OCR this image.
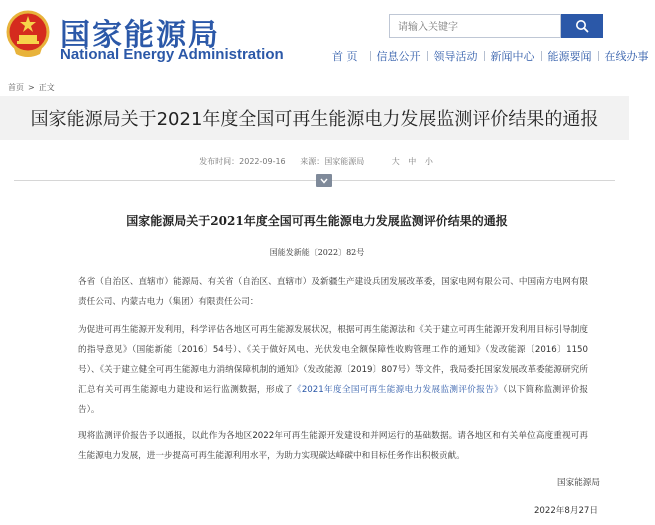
国家能源局
National Energy Administration
请输入关键字	首 页	信息公开	领导活动	新闻中心	能源要闻	在线办事
首页 > 正文
国家能源局关于2021年度全国可再生能源电力发展监测评价结果的通报
发布时间：2022-09-16 来源：国家能源局	大 中 小
国家能源局关于2021年度全国可再生能源电力发展监测评价结果的通报
国能发新能〔2022〕82号
各省（自治区、直辖市）能源局、有关省（自治区、直辖市）及新疆生产建设兵团发展改革委，国家电网有限公司、中国南方电网有限责任公司、内蒙古电力（集团）有限责任公司：
为促进可再生能源开发利用，科学评估各地区可再生能源发展状况，根据可再生能源法和《关于建立可再生能源开发利用目标引导制度的指导意见》（国能新能〔2016〕54号）、《关于做好风电、光伏发电全额保障性收购管理工作的通知》（发改能源〔2016〕1150号）、《关于建立健全可再生能源电力消纳保障机制的通知》（发改能源〔2019〕807号）等文件，我局委托国家发展改革委能源研究所汇总有关可再生能源电力建设和运行监测数据，形成了《2021年度全国可再生能源电力发展监测评价报告》（以下简称监测评价报告）。
现将监测评价报告予以通报，以此作为各地区2022年可再生能源开发建设和并网运行的基础数据。请各地区和有关单位高度重视可再生能源电力发展，进一步提高可再生能源利用水平，为助力实现碳达峰碳中和目标任务作出积极贡献。
国家能源局
2022年8月27日
